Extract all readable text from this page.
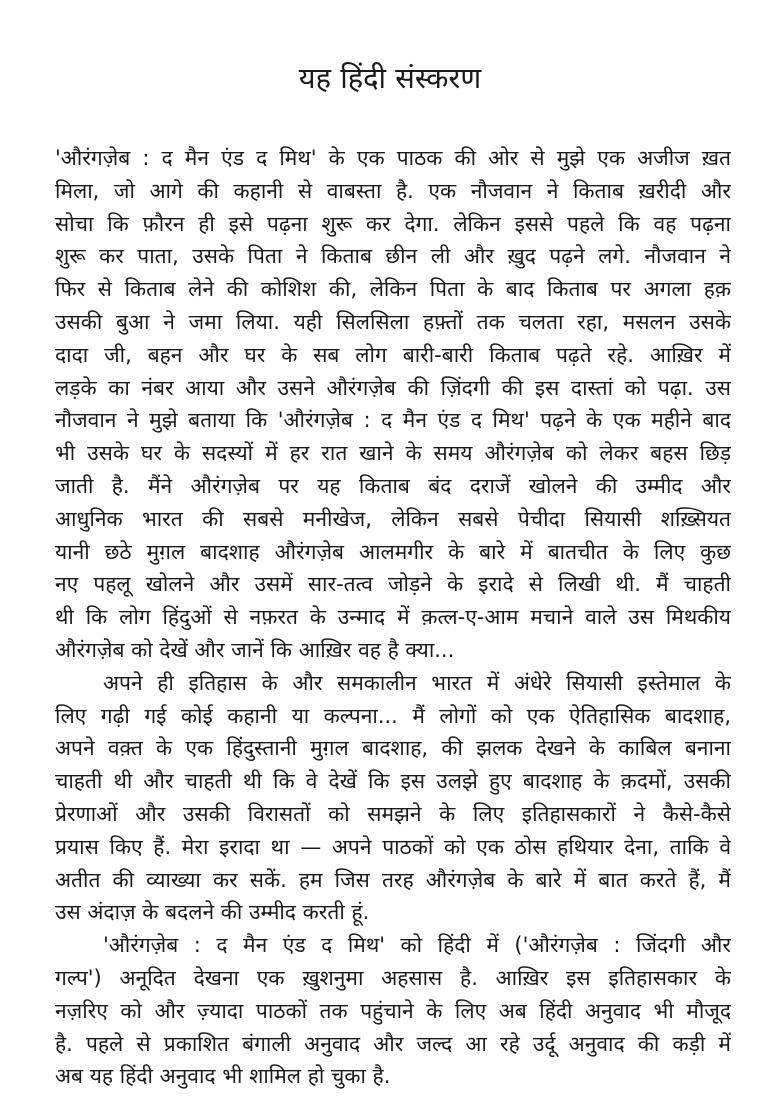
यह हिंदी संस्करण
'औरंगज़ेब : द मैन एंड द मिथ' के एक पाठक की ओर से मुझे एक अजीज ख़त
मिला, जो आगे की कहानी से वाबस्ता है. एक नौजवान ने किताब ख़रीदी और
सोचा कि फ़ौरन ही इसे पढ़ना शुरू कर देगा. लेकिन इससे पहले कि वह पढ़ना
शुरू कर पाता, उसके पिता ने किताब छीन ली और ख़ुद पढ़ने लगे. नौजवान ने
फिर से किताब लेने की कोशिश की, लेकिन पिता के बाद किताब पर अगला हक़
उसकी बुआ ने जमा लिया. यही सिलसिला हफ़्तों तक चलता रहा, मसलन उसके
दादा जी, बहन और घर के सब लोग बारी-बारी किताब पढ़ते रहे. आख़िर में
लड़के का नंबर आया और उसने औरंगज़ेब की ज़िंदगी की इस दास्तां को पढ़ा. उस
नौजवान ने मुझे बताया कि 'औरंगज़ेब : द मैन एंड द मिथ' पढ़ने के एक महीने बाद
भी उसके घर के सदस्यों में हर रात खाने के समय औरंगज़ेब को लेकर बहस छिड़
जाती है. मैंने औरंगज़ेब पर यह किताब बंद दराजें खोलने की उम्मीद और
आधुनिक भारत की सबसे मनीखेज, लेकिन सबसे पेचीदा सियासी शख़्सियत
यानी छठे मुग़ल बादशाह औरंगज़ेब आलमगीर के बारे में बातचीत के लिए कुछ
नए पहलू खोलने और उसमें सार-तत्व जोड़ने के इरादे से लिखी थी. मैं चाहती
थी कि लोग हिंदुओं से नफ़रत के उन्माद में क़त्ल-ए-आम मचाने वाले उस मिथकीय
औरंगज़ेब को देखें और जानें कि आख़िर वह है क्या...
अपने ही इतिहास के और समकालीन भारत में अंधेरे सियासी इस्तेमाल के
लिए गढ़ी गई कोई कहानी या कल्पना... मैं लोगों को एक ऐतिहासिक बादशाह,
अपने वक़्त के एक हिंदुस्तानी मुग़ल बादशाह, की झलक देखने के काबिल बनाना
चाहती थी और चाहती थी कि वे देखें कि इस उलझे हुए बादशाह के क़दमों, उसकी
प्रेरणाओं और उसकी विरासतों को समझने के लिए इतिहासकारों ने कैसे-कैसे
प्रयास किए हैं. मेरा इरादा था — अपने पाठकों को एक ठोस हथियार देना, ताकि वे
अतीत की व्याख्या कर सकें. हम जिस तरह औरंगज़ेब के बारे में बात करते हैं, मैं
उस अंदाज़ के बदलने की उम्मीद करती हूं.
'औरंगज़ेब : द मैन एंड द मिथ' को हिंदी में ('औरंगज़ेब : जिंदगी और
गल्प') अनूदित देखना एक ख़ुशनुमा अहसास है. आख़िर इस इतिहासकार के
नज़रिए को और ज़्यादा पाठकों तक पहुंचाने के लिए अब हिंदी अनुवाद भी मौजूद
है. पहले से प्रकाशित बंगाली अनुवाद और जल्द आ रहे उर्दू अनुवाद की कड़ी में
अब यह हिंदी अनुवाद भी शामिल हो चुका है.
